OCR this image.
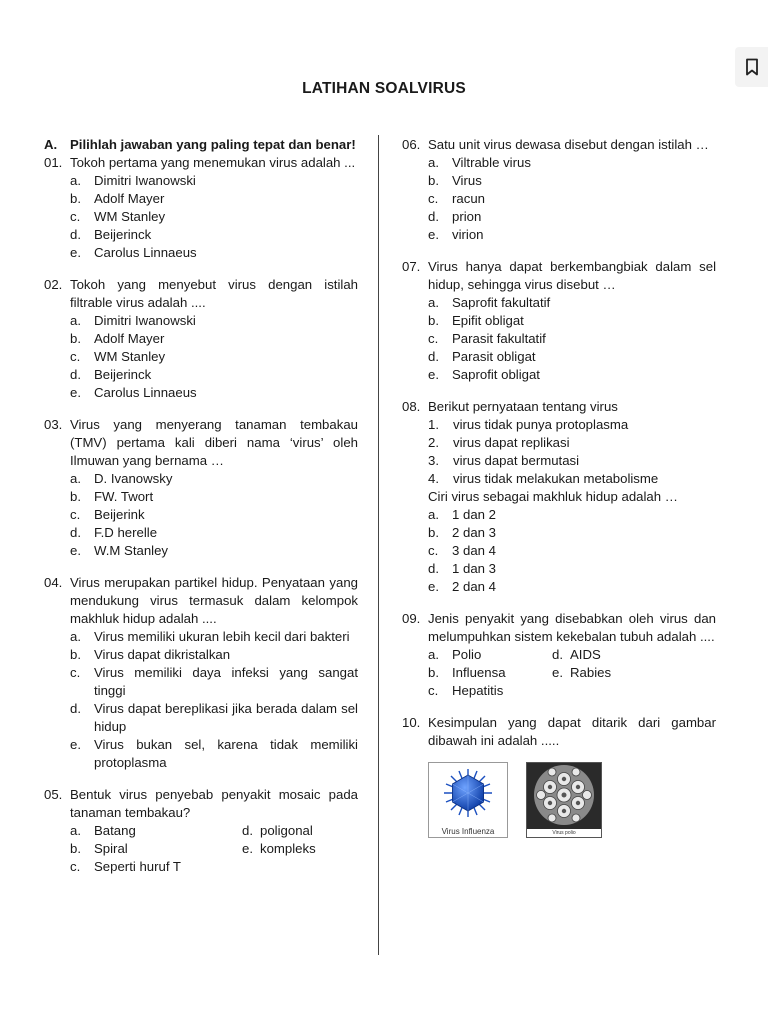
LATIHAN SOALVIRUS
A. Pilihlah jawaban yang paling tepat dan benar!
01. Tokoh pertama yang menemukan virus adalah ...
a. Dimitri Iwanowski
b. Adolf Mayer
c.	WM Stanley
d. Beijerinck
e. Carolus Linnaeus
02. Tokoh yang menyebut virus dengan istilah filtrable virus adalah ....
a. Dimitri Iwanowski
b. Adolf Mayer
c.	WM Stanley
d. Beijerinck
e. Carolus Linnaeus
03. Virus yang menyerang tanaman tembakau (TMV) pertama kali diberi nama ‘virus’ oleh Ilmuwan yang bernama …
a. D. Ivanowsky
b. FW. Twort
c.	Beijerink
d. F.D herelle
e. W.M Stanley
04. Virus merupakan partikel hidup. Penyataan yang mendukung virus termasuk dalam kelompok makhluk hidup adalah ....
a. Virus memiliki ukuran lebih kecil dari bakteri
b. Virus dapat dikristalkan
c.	Virus memiliki daya infeksi yang sangat tinggi
d. Virus dapat bereplikasi jika berada dalam sel hidup
e. Virus bukan sel, karena tidak memiliki protoplasma
05. Bentuk virus penyebab penyakit mosaic pada tanaman tembakau?
a. Batang	d. poligonal
b. Spiral	e. kompleks
c.	Seperti huruf T
06. Satu unit virus dewasa disebut dengan istilah …
a. Viltrable virus
b. Virus
c.	racun
d. prion
e. virion
07. Virus hanya dapat berkembangbiak dalam sel hidup, sehingga virus disebut …
a. Saprofit fakultatif
b. Epifit obligat
c.	Parasit fakultatif
d. Parasit obligat
e. Saprofit obligat
08. Berikut pernyataan tentang virus
1.	virus tidak punya protoplasma
2.	virus dapat replikasi
3.	virus dapat bermutasi
4.	virus tidak melakukan metabolisme
Ciri virus sebagai makhluk hidup adalah …
a. 1 dan 2
b. 2 dan 3
c.	3 dan 4
d. 1 dan 3
e. 2 dan 4
09. Jenis penyakit yang disebabkan oleh virus dan melumpuhkan sistem kekebalan tubuh adalah ....
a. Polio	d. AIDS
b. Influensa	e. Rabies
c.	Hepatitis
10. Kesimpulan yang dapat ditarik dari gambar dibawah ini adalah .....
Virus Influenza	Virus polio
